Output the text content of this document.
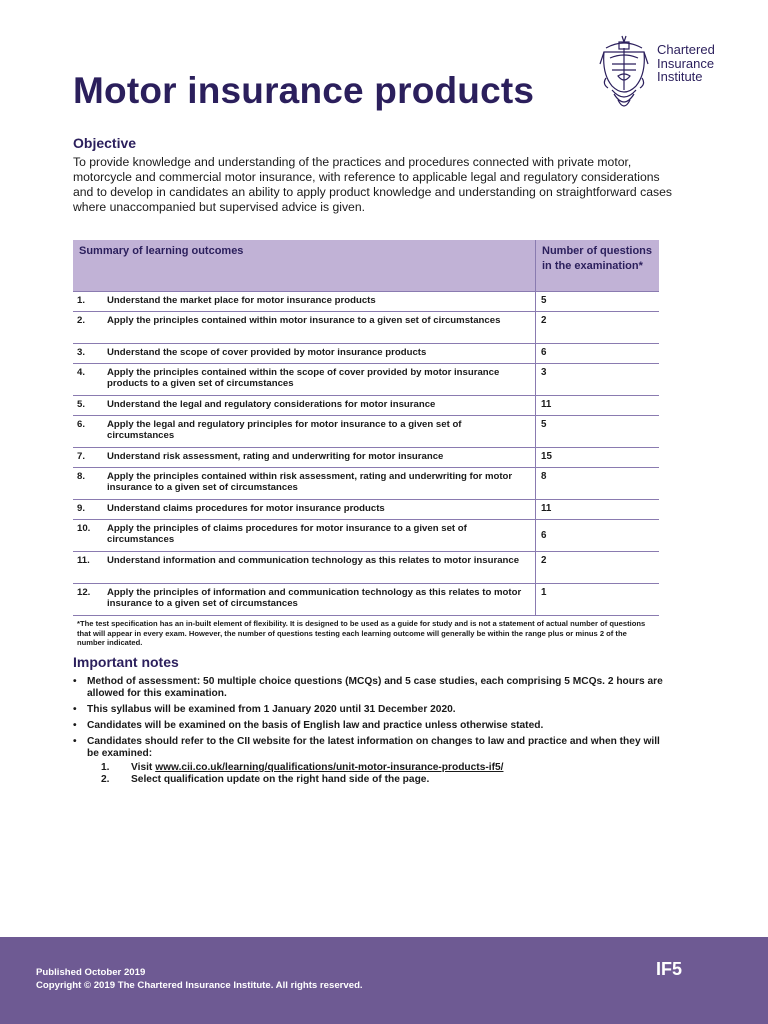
Motor insurance products
Chartered
Insurance
Institute
Objective

To provide knowledge and understanding of the practices and procedures connected with private motor, motorcycle and commercial motor insurance, with reference to applicable legal and regulatory considerations and to develop in candidates an ability to apply product knowledge and understanding on straightforward cases where unaccompanied but supervised advice is given.

Summary of learning outcomes		Number of questions in the examination*
1.	Understand the market place for motor insurance products	5
2.	Apply the principles contained within motor insurance to a given set of circumstances	2
3.	Understand the scope of cover provided by motor insurance products	6
4.	Apply the principles contained within the scope of cover provided by motor insurance products to a given set of circumstances	3
5.	Understand the legal and regulatory considerations for motor insurance	11
6.	Apply the legal and regulatory principles for motor insurance to a given set of circumstances	5
7.	Understand risk assessment, rating and underwriting for motor insurance	15
8.	Apply the principles contained within risk assessment, rating and underwriting for motor insurance to a given set of circumstances	8
9.	Understand claims procedures for motor insurance products	11
10.	Apply the principles of claims procedures for motor insurance to a given set of circumstances	6
11.	Understand information and communication technology as this relates to motor insurance	2
12.	Apply the principles of information and communication technology as this relates to motor insurance to a given set of circumstances	1
*The test specification has an in-built element of flexibility. It is designed to be used as a guide for study and is not a statement of actual number of questions that will appear in every exam. However, the number of questions testing each learning outcome will generally be within the range plus or minus 2 of the number indicated.		
Important notes
• Method of assessment: 50 multiple choice questions (MCQs) and 5 case studies, each comprising 5 MCQs. 2 hours are allowed for this examination.
• This syllabus will be examined from 1 January 2020 until 31 December 2020.
• Candidates will be examined on the basis of English law and practice unless otherwise stated.
• Candidates should refer to the CII website for the latest information on changes to law and practice and when they will be examined:
1. Visit www.cii.co.uk/learning/qualifications/unit-motor-insurance-products-if5/
2. Select qualification update on the right hand side of the page.
Published October 2019
Copyright © 2019 The Chartered Insurance Institute. All rights reserved.
IF5
